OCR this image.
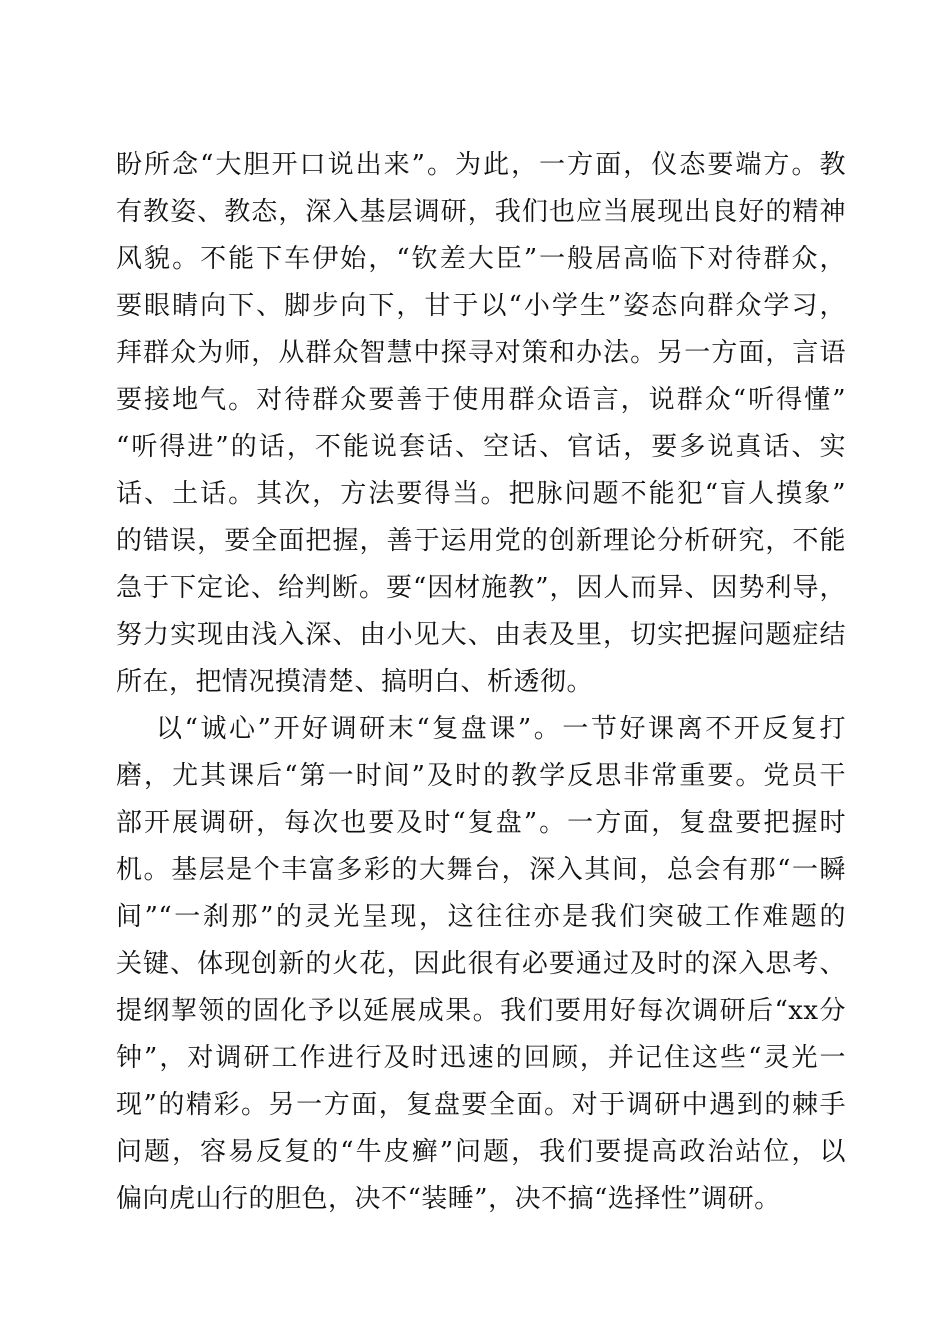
盼所念“大胆开口说出来”。为此，一方面，仪态要端方。教
有教姿、教态，深入基层调研，我们也应当展现出良好的精神
风貌。不能下车伊始，“钦差大臣”一般居高临下对待群众，
要眼睛向下、脚步向下，甘于以“小学生”姿态向群众学习，
拜群众为师，从群众智慧中探寻对策和办法。另一方面，言语
要接地气。对待群众要善于使用群众语言，说群众“听得懂”
“听得进”的话，不能说套话、空话、官话，要多说真话、实
话、土话。其次，方法要得当。把脉问题不能犯“盲人摸象”
的错误，要全面把握，善于运用党的创新理论分析研究，不能
急于下定论、给判断。要“因材施教”，因人而异、因势利导，
努力实现由浅入深、由小见大、由表及里，切实把握问题症结
所在，把情况摸清楚、搞明白、析透彻。
以“诚心”开好调研末“复盘课”。一节好课离不开反复打
磨，尤其课后“第一时间”及时的教学反思非常重要。党员干
部开展调研，每次也要及时“复盘”。一方面，复盘要把握时
机。基层是个丰富多彩的大舞台，深入其间，总会有那“一瞬
间”“一刹那”的灵光呈现，这往往亦是我们突破工作难题的
关键、体现创新的火花，因此很有必要通过及时的深入思考、
提纲挈领的固化予以延展成果。我们要用好每次调研后“xx分
钟”，对调研工作进行及时迅速的回顾，并记住这些“灵光一
现”的精彩。另一方面，复盘要全面。对于调研中遇到的棘手
问题，容易反复的“牛皮癣”问题，我们要提高政治站位，以
偏向虎山行的胆色，决不“装睡”，决不搞“选择性”调研。
